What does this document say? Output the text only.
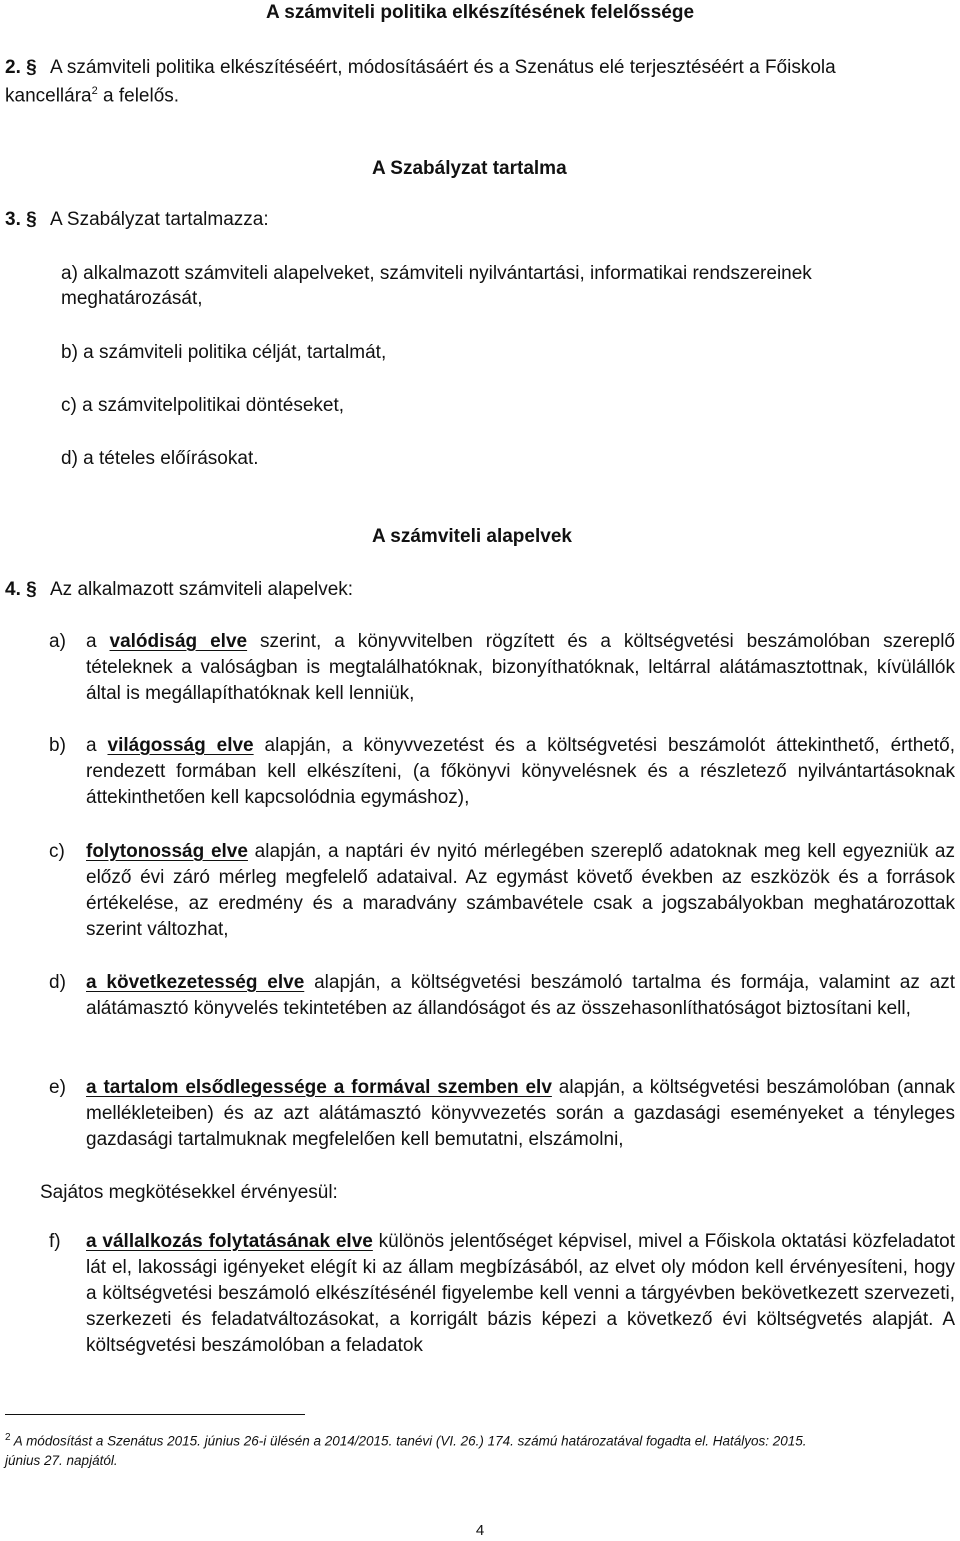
A számviteli politika elkészítésének felelőssége
2. § A számviteli politika elkészítéséért, módosításáért és a Szenátus elé terjesztéséért a Főiskola
kancellára$^2$ a felelős.
A Szabályzat tartalma
3. § A Szabályzat tartalmazza:
a) alkalmazott számviteli alapelveket, számviteli nyilvántartási, informatikai rendszereinek
meghatározását,
b) a számviteli politika célját, tartalmát,
c) a számvitelpolitikai döntéseket,
d) a tételes előírásokat.
A számviteli alapelvek
4. § Az alkalmazott számviteli alapelvek:
a) a valódiság elve szerint, a könyvvitelben rögzített és a költségvetési beszámolóban szereplő tételeknek a valóságban is megtalálhatóknak, bizonyíthatóknak, leltárral alátámasztottnak, kívülállók által is megállapíthatóknak kell lenniük,
b) a világosság elve alapján, a könyvvezetést és a költségvetési beszámolót áttekinthető, érthető, rendezett formában kell elkészíteni, (a főkönyvi könyvelésnek és a részletező nyilvántartásoknak áttekinthetően kell kapcsolódnia egymáshoz),
c) folytonosság elve alapján, a naptári év nyitó mérlegében szereplő adatoknak meg kell egyezniük az előző évi záró mérleg megfelelő adataival. Az egymást követő években az eszközök és a források értékelése, az eredmény és a maradvány számbavétele csak a jogszabályokban meghatározottak szerint változhat,
d) a következetesség elve alapján, a költségvetési beszámoló tartalma és formája, valamint az azt alátámasztó könyvelés tekintetében az állandóságot és az összehasonlíthatóságot biztosítani kell,
e) a tartalom elsődlegessége a formával szemben elv alapján, a költségvetési beszámolóban (annak mellékleteiben) és az azt alátámasztó könyvvezetés során a gazdasági eseményeket a tényleges gazdasági tartalmuknak megfelelően kell bemutatni, elszámolni,
Sajátos megkötésekkel érvényesül:
f) a vállalkozás folytatásának elve különös jelentőséget képvisel, mivel a Főiskola oktatási közfeladatot lát el, lakossági igényeket elégít ki az állam megbízásából, az elvet oly módon kell érvényesíteni, hogy a költségvetési beszámoló elkészítésénél figyelembe kell venni a tárgyévben bekövetkezett szervezeti, szerkezeti és feladatváltozásokat, a korrigált bázis képezi a következő évi költségvetés alapját. A költségvetési beszámolóban a feladatok
$^2$ A módosítást a Szenátus 2015. június 26-i ülésén a 2014/2015. tanévi (VI. 26.) 174. számú határozatával fogadta el. Hatályos: 2015.
június 27. napjától.
4
